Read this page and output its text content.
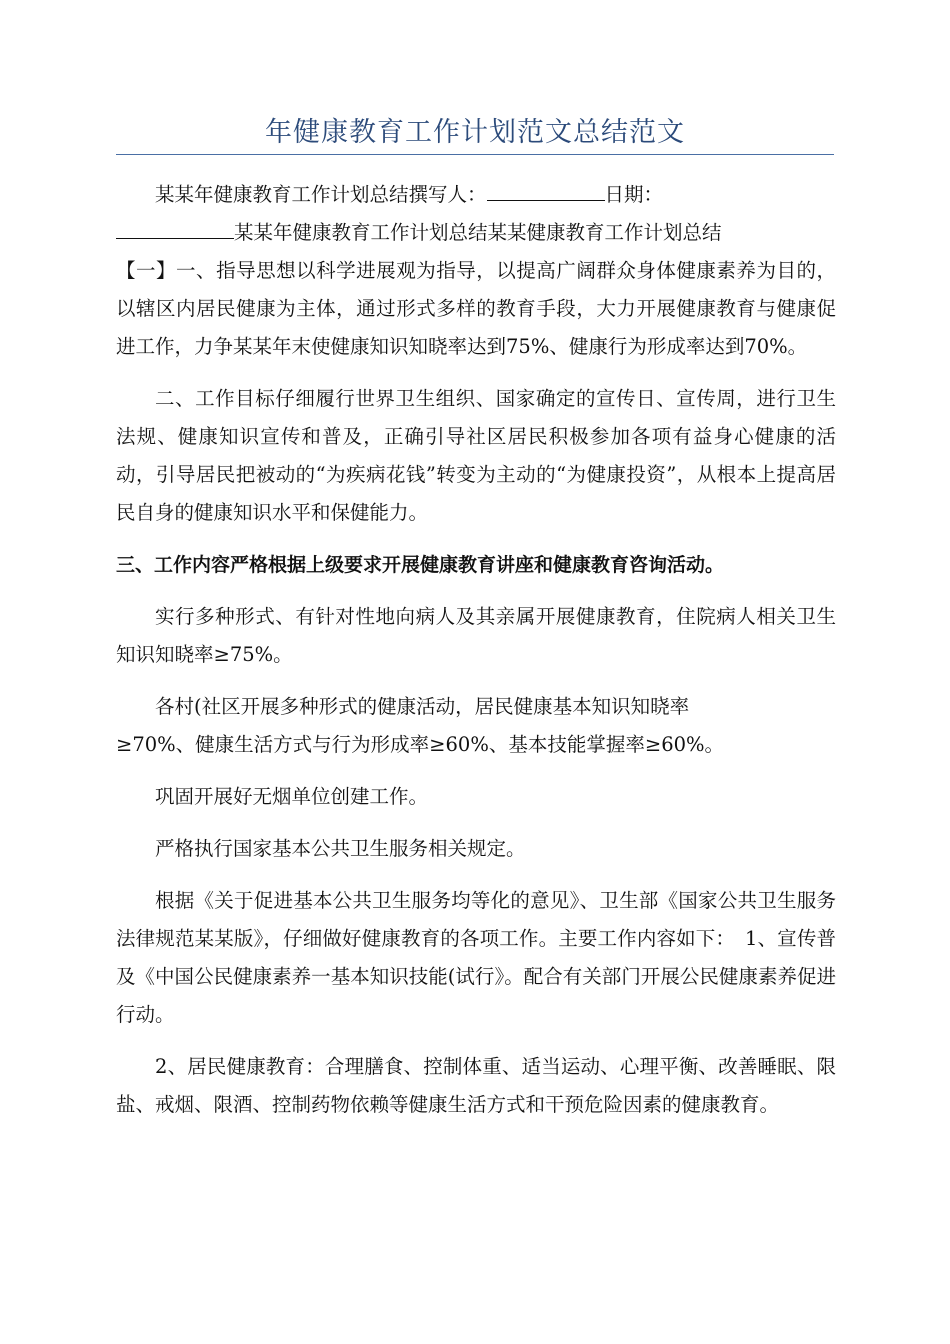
年健康教育工作计划范文总结范文

某某年健康教育工作计划总结撰写人：	日期：
某某年健康教育工作计划总结某某健康教育工作计划总结
【一】一、指导思想以科学进展观为指导，以提高广阔群众身体健康素养为目的，以辖区内居民健康为主体，通过形式多样的教育手段，大力开展健康教育与健康促进工作，力争某某年末使健康知识知晓率达到75%、健康行为形成率达到70%。

二、工作目标仔细履行世界卫生组织、国家确定的宣传日、宣传周，进行卫生法规、健康知识宣传和普及，正确引导社区居民积极参加各项有益身心健康的活动，引导居民把被动的“为疾病花钱”转变为主动的“为健康投资”，从根本上提高居民自身的健康知识水平和保健能力。

三、工作内容严格根据上级要求开展健康教育讲座和健康教育咨询活动。

实行多种形式、有针对性地向病人及其亲属开展健康教育，住院病人相关卫生知识知晓率≥75%。

各村(社区开展多种形式的健康活动，居民健康基本知识知晓率
≥70%、健康生活方式与行为形成率≥60%、基本技能掌握率≥60%。

巩固开展好无烟单位创建工作。

严格执行国家基本公共卫生服务相关规定。

根据《关于促进基本公共卫生服务均等化的意见》、卫生部《国家公共卫生服务法律规范某某版》，仔细做好健康教育的各项工作。主要工作内容如下：　1、宣传普及《中国公民健康素养一基本知识技能(试行》。配合有关部门开展公民健康素养促进行动。

2、居民健康教育：合理膳食、控制体重、适当运动、心理平衡、改善睡眠、限盐、戒烟、限酒、控制药物依赖等健康生活方式和干预危险因素的健康教育。
